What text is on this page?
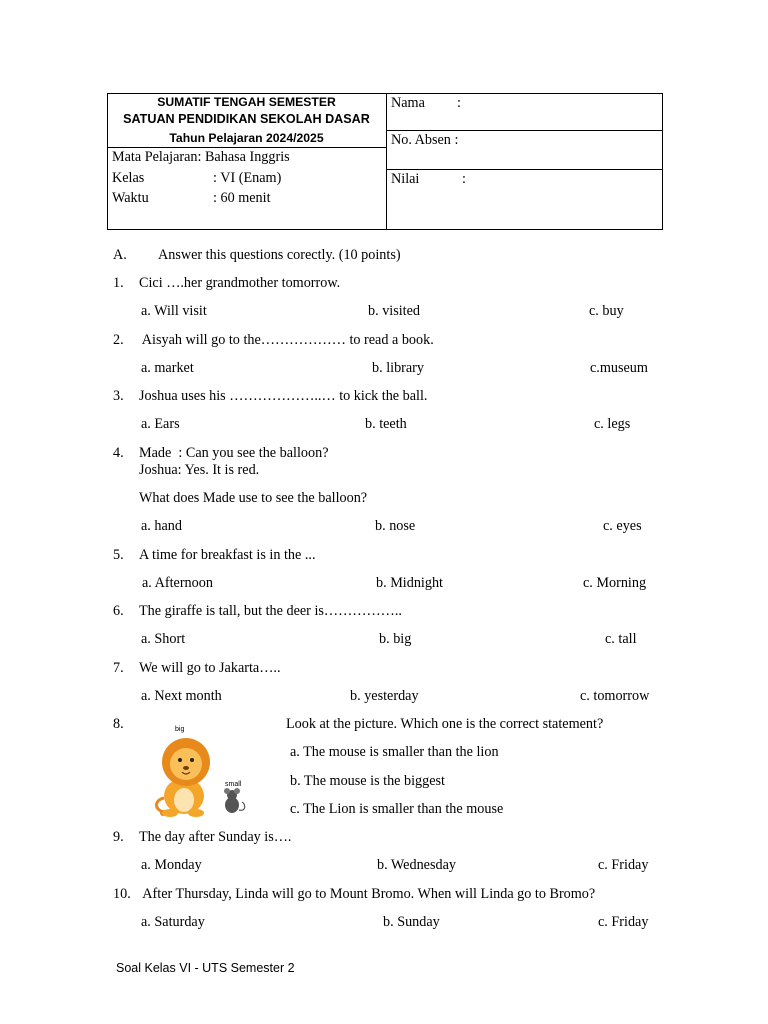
SUMATIF TENGAH SEMESTER
SATUAN PENDIDIKAN SEKOLAH DASAR
Tahun Pelajaran 2024/2025
Mata Pelajaran: Bahasa Inggris
Kelas	: VI (Enam)
Waktu	: 60 menit
Nama :
No. Absen :
Nilai	:
A. Answer this questions corectly. (10 points)
1. Cici ….her grandmother tomorrow.
a. Will visit	b. visited	c. buy
2. Aisyah will go to the……………… to read a book.
a. market	b. library	c.museum
3. Joshua uses his ………………..… to kick the ball.
a. Ears	b. teeth	c. legs
4. Made  : Can you see the balloon?
Joshua: Yes. It is red.
What does Made use to see the balloon?
a. hand	b. nose	c. eyes
5. A time for breakfast is in the ...
a. Afternoon	b. Midnight	c. Morning
6. The giraffe is tall, but the deer is……………..
a. Short	b. big	c. tall
7. We will go to Jakarta…..
a. Next month	b. yesterday	c. tomorrow
8.	big
small
Look at the picture. Which one is the correct statement?
a. The mouse is smaller than the lion
b. The mouse is the biggest
c. The Lion is smaller than the mouse
9. The day after Sunday is….
a. Monday	b. Wednesday	c. Friday
10. After Thursday, Linda will go to Mount Bromo. When will Linda go to Bromo?
a. Saturday	b. Sunday	c. Friday
Soal Kelas VI - UTS Semester 2
